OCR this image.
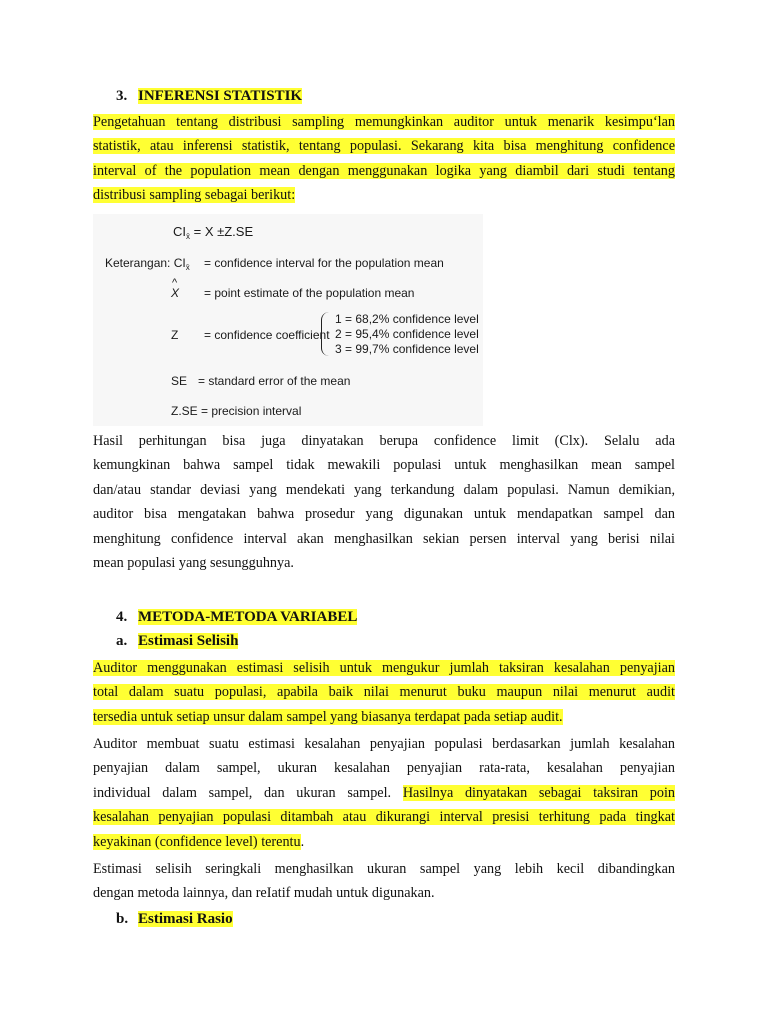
3. INFERENSI STATISTIK
Pengetahuan tentang distribusi sampling memungkinkan auditor untuk menarik kesimpu‘lan
statistik, atau inferensi statistik, tentang populasi. Sekarang kita bisa menghitung confidence
interval of the population mean dengan menggunakan logika yang diambil dari studi tentang
distribusi sampling sebagai berikut:
$CI_{x̄} = X \pm Z.SE$
Keterangan: $CI_{x̄}$ = confidence interval for the population mean
^ X = point estimate of the population mean
Z = confidence coefficient
1 = 68,2% confidence level
2 = 95,4% confidence level
3 = 99,7% confidence level
SE = standard error of the mean
Z.SE = precision interval
Hasil perhitungan bisa juga dinyatakan berupa confidence limit (Clx). Selalu ada
kemungkinan bahwa sampel tidak mewakili populasi untuk menghasilkan mean sampel
dan/atau standar deviasi yang mendekati yang terkandung dalam populasi. Namun demikian,
auditor bisa mengatakan bahwa prosedur yang digunakan untuk mendapatkan sampel dan
menghitung confidence interval akan menghasilkan sekian persen interval yang berisi nilai
mean populasi yang sesungguhnya.
4. METODA-METODA VARIABEL
a. Estimasi Selisih
Auditor menggunakan estimasi selisih untuk mengukur jumlah taksiran kesalahan penyajian
total dalam suatu populasi, apabila baik nilai menurut buku maupun nilai menurut audit
tersedia untuk setiap unsur dalam sampel yang biasanya terdapat pada setiap audit.
Auditor membuat suatu estimasi kesalahan penyajian populasi berdasarkan jumlah kesalahan
penyajian dalam sampel, ukuran kesalahan penyajian rata-rata, kesalahan penyajian
individual dalam sampel, dan ukuran sampel. Hasilnya dinyatakan sebagai taksiran poin
kesalahan penyajian populasi ditambah atau dikurangi interval presisi terhitung pada tingkat
keyakinan (confidence level) terentu.
Estimasi selisih seringkali menghasilkan ukuran sampel yang lebih kecil dibandingkan
dengan metoda lainnya, dan reIatif mudah untuk digunakan.
b. Estimasi Rasio
